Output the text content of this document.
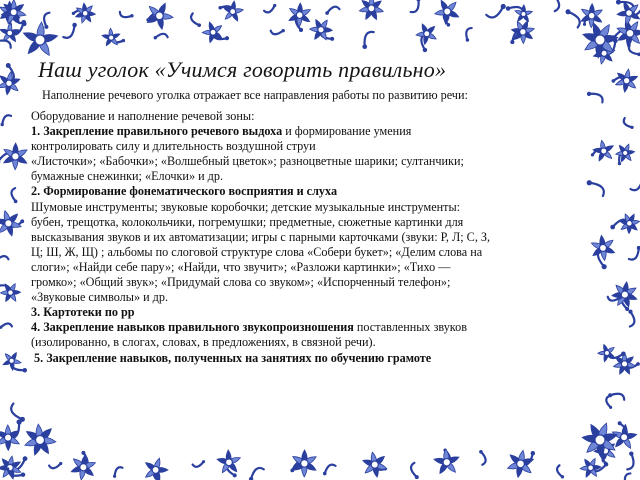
Наш уголок «Учимся говорить правильно»
Наполнение речевого уголка отражает все направления работы по развитию речи:
Оборудование и наполнение речевой зоны:
1. Закрепление правильного речевого выдоха и формирование умения
контролировать силу и длительность воздушной струи
«Листочки»; «Бабочки»; «Волшебный цветок»; разноцветные шарики; султанчики;
бумажные снежинки; «Елочки» и др.
2. Формирование фонематического восприятия и слуха
Шумовые инструменты; звуковые коробочки; детские музыкальные инструменты:
бубен, трещотка, колокольчики, погремушки; предметные, сюжетные картинки для
высказывания звуков и их автоматизации; игры с парными карточками (звуки: Р, Л; С, З,
Ц; Ш, Ж, Щ) ; альбомы по слоговой структуре слова «Собери букет»; «Делим слова на
слоги»; «Найди себе пару»; «Найди, что звучит»; «Разложи картинки»; «Тихо —
громко»; «Общий звук»; «Придумай слова со звуком»; «Испорченный телефон»;
«Звуковые символы» и др.
3. Картотеки по рр
4. Закрепление навыков правильного звукопроизношения поставленных звуков
(изолированно, в слогах, словах, в предложениях, в связной речи).
5. Закрепление навыков, полученных на занятиях по обучению грамоте
